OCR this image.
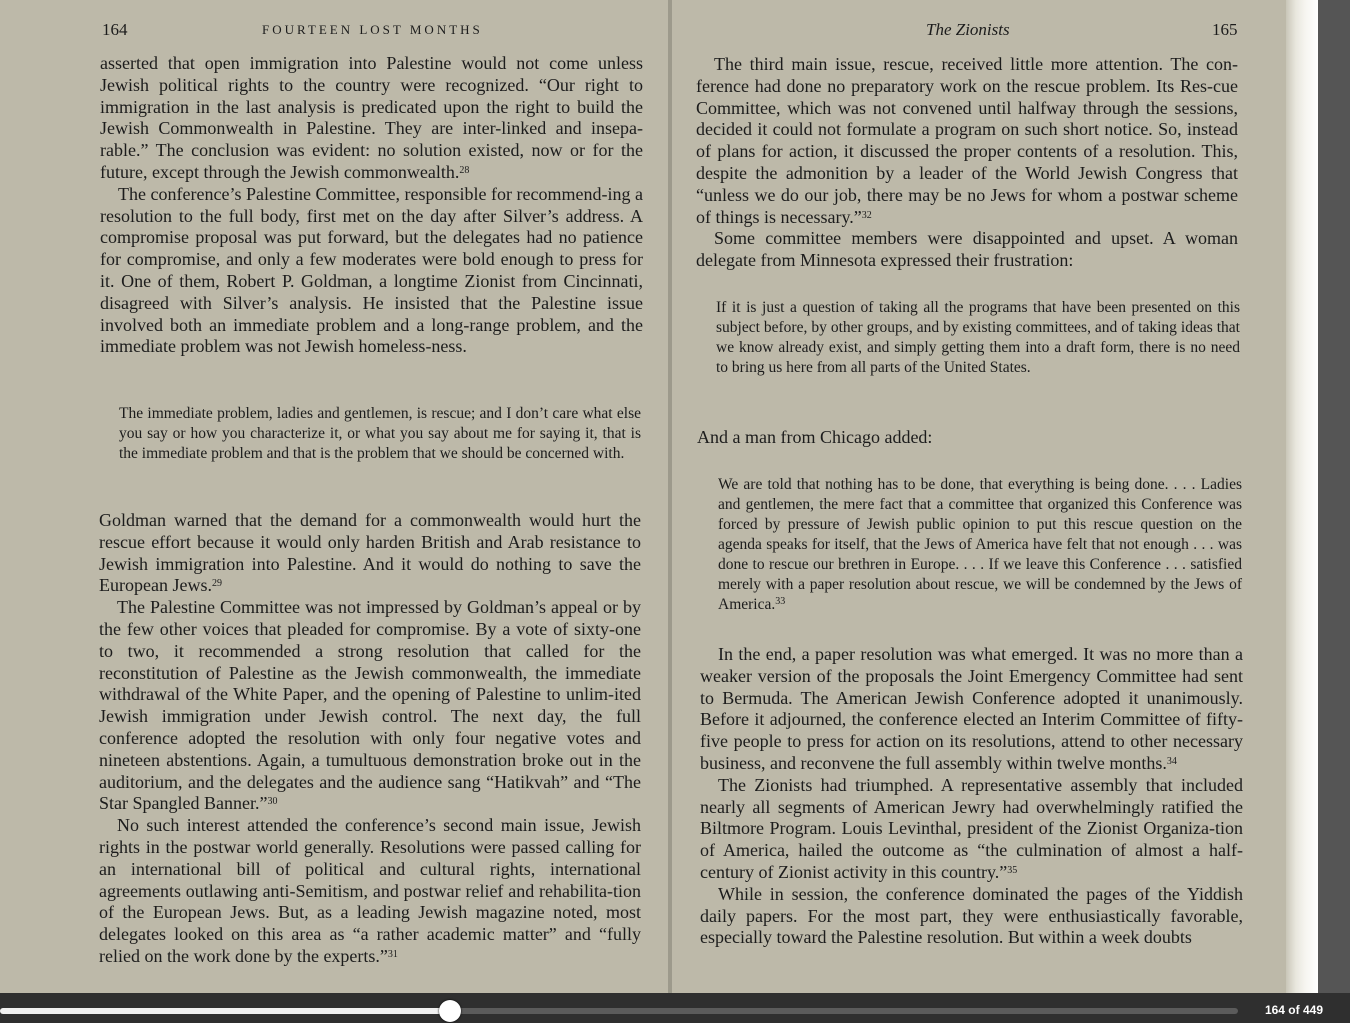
164	FOURTEEN LOST MONTHS

asserted that open immigration into Palestine would not come unless Jewish political rights to the country were recognized. “Our right to immigration in the last analysis is predicated upon the right to build the Jewish Commonwealth in Palestine. They are inter-linked and insepa-rable.” The conclusion was evident: no solution existed, now or for the future, except through the Jewish commonwealth.$^{28}$

The conference’s Palestine Committee, responsible for recommend-ing a resolution to the full body, first met on the day after Silver’s address. A compromise proposal was put forward, but the delegates had no patience for compromise, and only a few moderates were bold enough to press for it. One of them, Robert P. Goldman, a longtime Zionist from Cincinnati, disagreed with Silver’s analysis. He insisted that the Palestine issue involved both an immediate problem and a long-range problem, and the immediate problem was not Jewish homeless-ness.

The immediate problem, ladies and gentlemen, is rescue; and I don’t care what else you say or how you characterize it, or what you say about me for saying it, that is the immediate problem and that is the problem that we should be concerned with.

Goldman warned that the demand for a commonwealth would hurt the rescue effort because it would only harden British and Arab resistance to Jewish immigration into Palestine. And it would do nothing to save the European Jews.$^{29}$

The Palestine Committee was not impressed by Goldman’s appeal or by the few other voices that pleaded for compromise. By a vote of sixty-one to two, it recommended a strong resolution that called for the reconstitution of Palestine as the Jewish commonwealth, the immediate withdrawal of the White Paper, and the opening of Palestine to unlim-ited Jewish immigration under Jewish control. The next day, the full conference adopted the resolution with only four negative votes and nineteen abstentions. Again, a tumultuous demonstration broke out in the auditorium, and the delegates and the audience sang “Hatikvah” and “The Star Spangled Banner.”$^{30}$

No such interest attended the conference’s second main issue, Jewish rights in the postwar world generally. Resolutions were passed calling for an international bill of political and cultural rights, international agreements outlawing anti-Semitism, and postwar relief and rehabilita-tion of the European Jews. But, as a leading Jewish magazine noted, most delegates looked on this area as “a rather academic matter” and “fully relied on the work done by the experts.”$^{31}$

The Zionists	165

The third main issue, rescue, received little more attention. The con-ference had done no preparatory work on the rescue problem. Its Res-cue Committee, which was not convened until halfway through the sessions, decided it could not formulate a program on such short notice. So, instead of plans for action, it discussed the proper contents of a resolution. This, despite the admonition by a leader of the World Jewish Congress that “unless we do our job, there may be no Jews for whom a postwar scheme of things is necessary.”$^{32}$

Some committee members were disappointed and upset. A woman delegate from Minnesota expressed their frustration:

If it is just a question of taking all the programs that have been presented on this subject before, by other groups, and by existing committees, and of taking ideas that we know already exist, and simply getting them into a draft form, there is no need to bring us here from all parts of the United States.

And a man from Chicago added:

We are told that nothing has to be done, that everything is being done. . . . Ladies and gentlemen, the mere fact that a committee that organized this Conference was forced by pressure of Jewish public opinion to put this rescue question on the agenda speaks for itself, that the Jews of America have felt that not enough . . . was done to rescue our brethren in Europe. . . . If we leave this Conference . . . satisfied merely with a paper resolution about rescue, we will be condemned by the Jews of America.$^{33}$

In the end, a paper resolution was what emerged. It was no more than a weaker version of the proposals the Joint Emergency Committee had sent to Bermuda. The American Jewish Conference adopted it unanimously. Before it adjourned, the conference elected an Interim Committee of fifty-five people to press for action on its resolutions, attend to other necessary business, and reconvene the full assembly within twelve months.$^{34}$

The Zionists had triumphed. A representative assembly that included nearly all segments of American Jewry had overwhelmingly ratified the Biltmore Program. Louis Levinthal, president of the Zionist Organiza-tion of America, hailed the outcome as “the culmination of almost a half-century of Zionist activity in this country.”$^{35}$

While in session, the conference dominated the pages of the Yiddish daily papers. For the most part, they were enthusiastically favorable, especially toward the Palestine resolution. But within a week doubts

164 of 449
